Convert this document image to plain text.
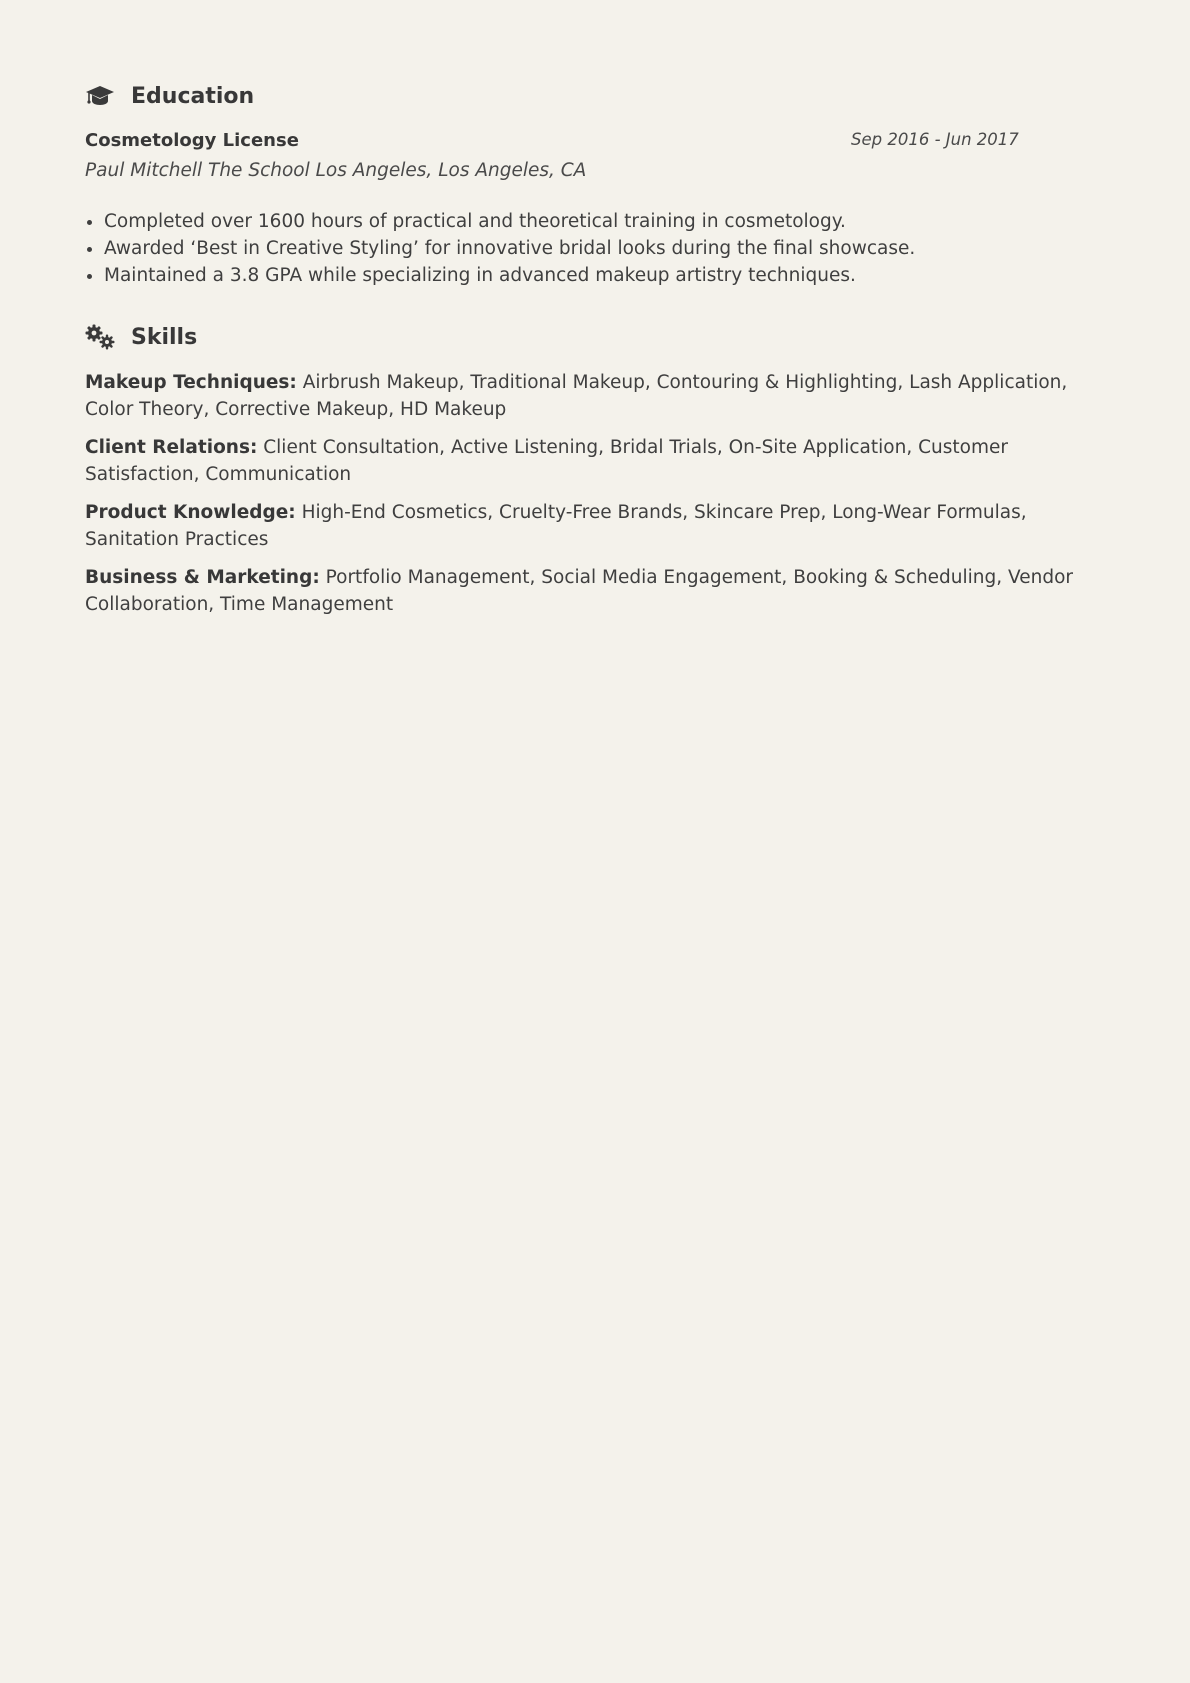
Education
Cosmetology License	Sep 2016 - Jun 2017
Paul Mitchell The School Los Angeles, Los Angeles, CA
Completed over 1600 hours of practical and theoretical training in cosmetology.
Awarded ‘Best in Creative Styling’ for innovative bridal looks during the final showcase.
Maintained a 3.8 GPA while specializing in advanced makeup artistry techniques.
Skills
Makeup Techniques: Airbrush Makeup, Traditional Makeup, Contouring & Highlighting, Lash Application, Color Theory, Corrective Makeup, HD Makeup
Client Relations: Client Consultation, Active Listening, Bridal Trials, On-Site Application, Customer Satisfaction, Communication
Product Knowledge: High-End Cosmetics, Cruelty-Free Brands, Skincare Prep, Long-Wear Formulas, Sanitation Practices
Business & Marketing: Portfolio Management, Social Media Engagement, Booking & Scheduling, Vendor Collaboration, Time Management
